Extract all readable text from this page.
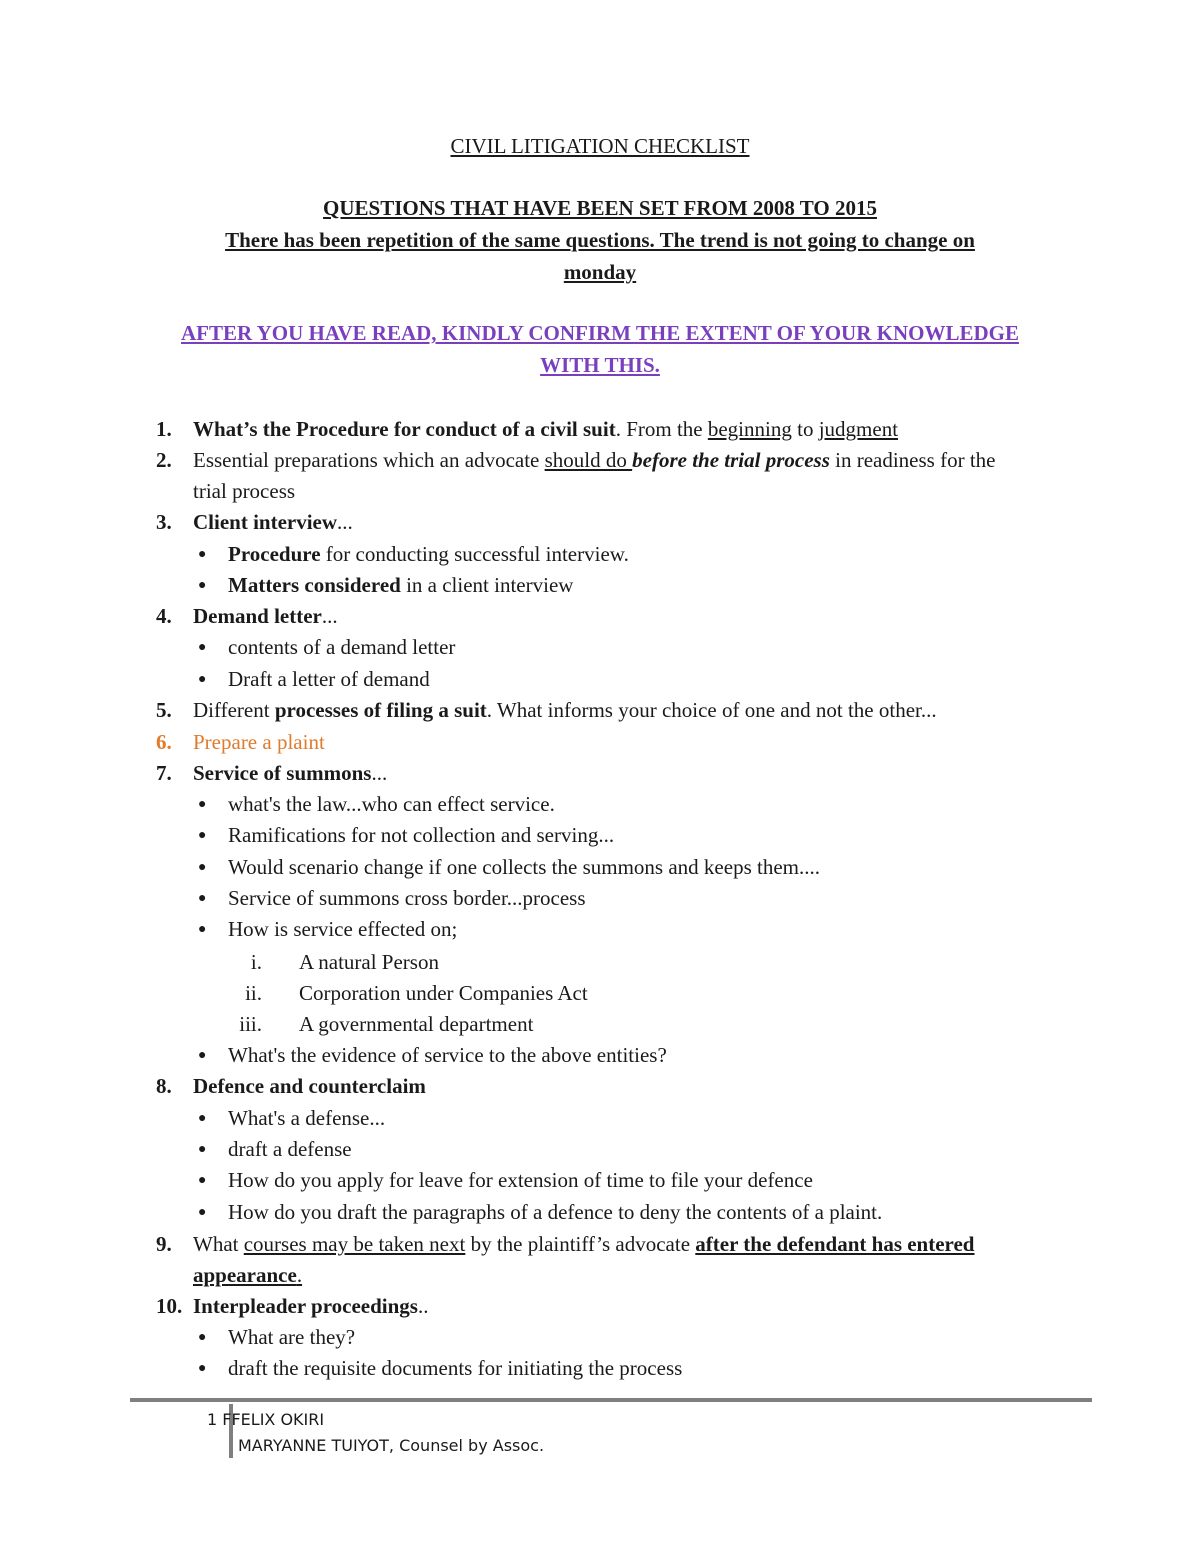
CIVIL LITIGATION CHECKLIST
QUESTIONS THAT HAVE BEEN SET FROM 2008 TO 2015
There has been repetition of the same questions. The trend is not going to change on
monday
AFTER YOU HAVE READ, KINDLY CONFIRM THE EXTENT OF YOUR KNOWLEDGE
WITH THIS.
1. What’s the Procedure for conduct of a civil suit. From the beginning to judgment
2. Essential preparations which an advocate should do before the trial process in readiness for the
trial process
3. Client interview...
● Procedure for conducting successful interview.
● Matters considered in a client interview
4. Demand letter...
● contents of a demand letter
● Draft a letter of demand
5. Different processes of filing a suit. What informs your choice of one and not the other...
6. Prepare a plaint
7. Service of summons...
● what's the law...who can effect service.
● Ramifications for not collection and serving...
● Would scenario change if one collects the summons and keeps them....
● Service of summons cross border...process
● How is service effected on;
i. A natural Person
ii. Corporation under Companies Act
iii. A governmental department
● What's the evidence of service to the above entities?
8. Defence and counterclaim
● What's a defense...
● draft a defense
● How do you apply for leave for extension of time to file your defence
● How do you draft the paragraphs of a defence to deny the contents of a plaint.
9. What courses may be taken next by the plaintiff’s advocate after the defendant has entered
appearance.
10. Interpleader proceedings..
● What are they?
● draft the requisite documents for initiating the process
1 FFELIX OKIRI
MARYANNE TUIYOT, Counsel by Assoc.
